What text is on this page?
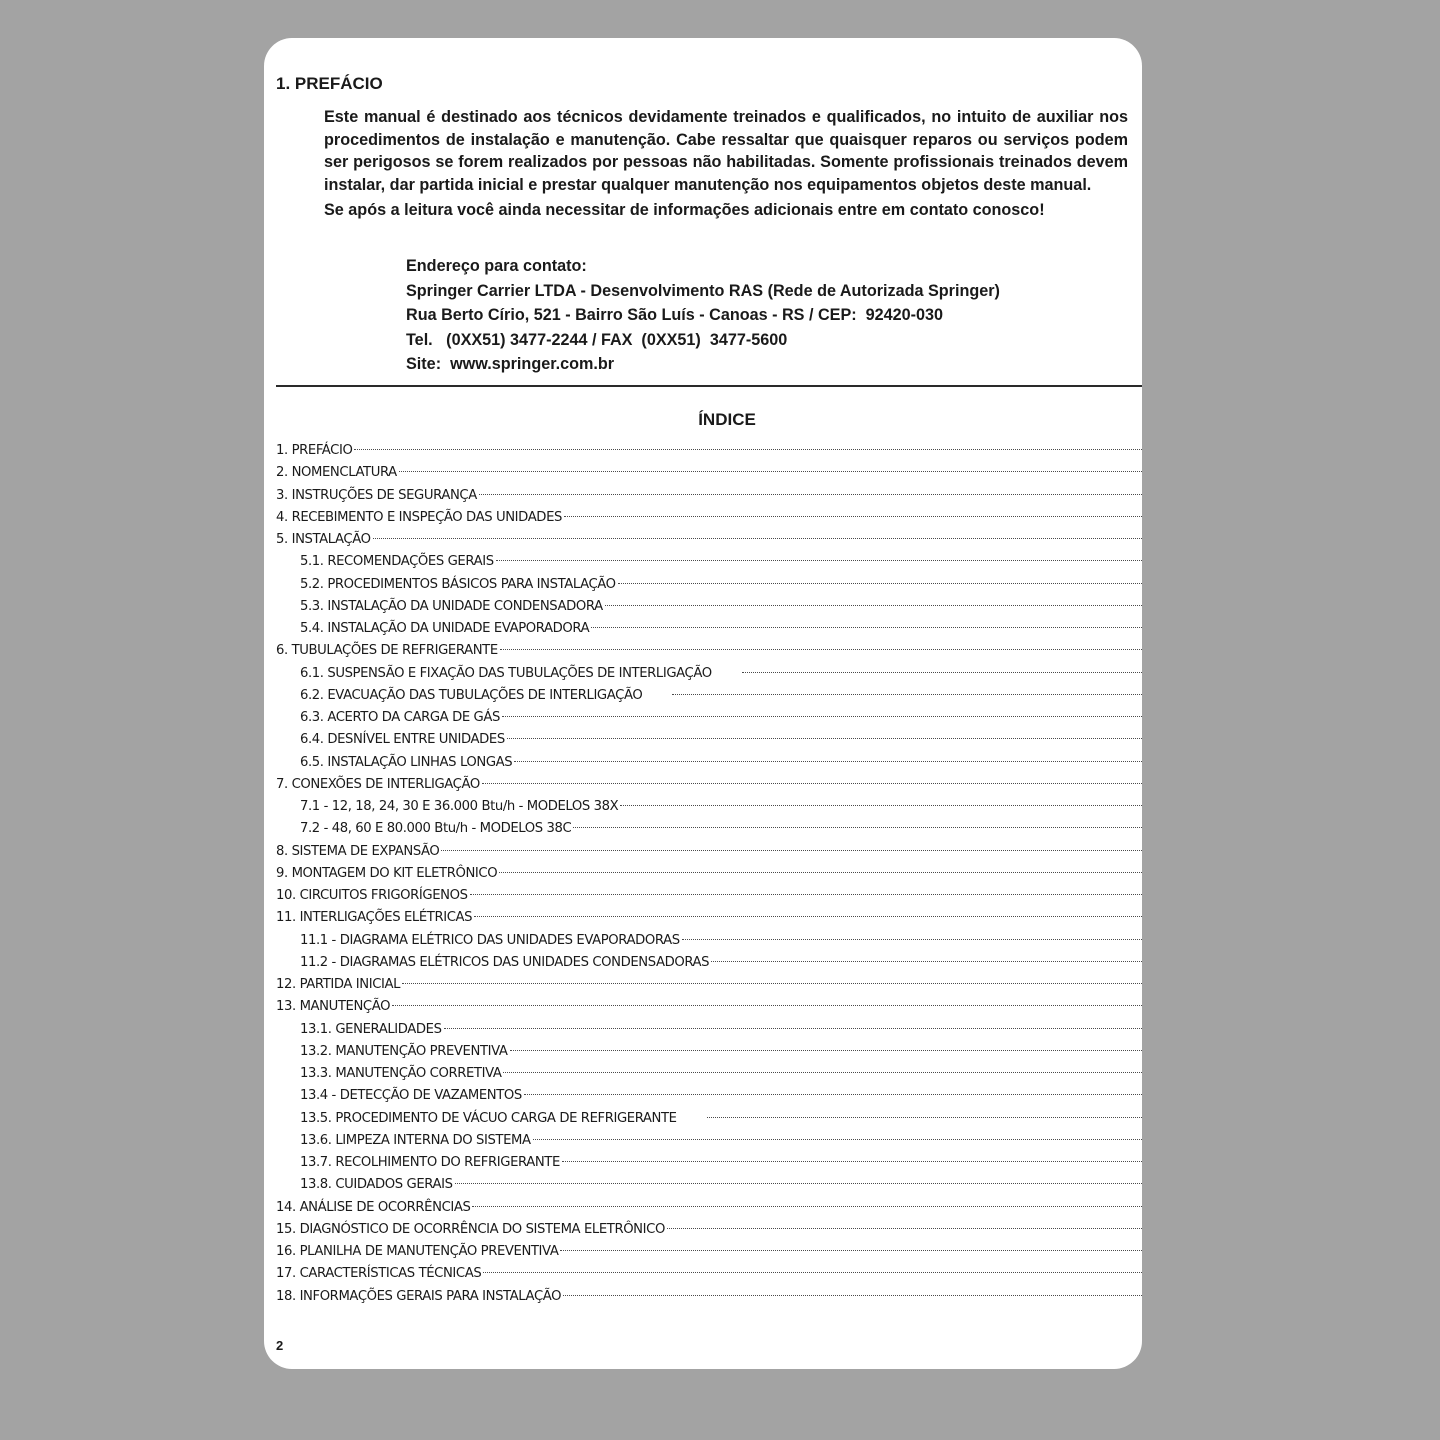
1. PREFÁCIO

Este manual é destinado aos técnicos devidamente treinados e qualificados, no intuito de auxiliar nos procedimentos de instalação e manutenção. Cabe ressaltar que quaisquer reparos ou serviços podem ser perigosos se forem realizados por pessoas não habilitadas. Somente profissionais treinados devem instalar, dar partida inicial e prestar qualquer manutenção nos equipamentos objetos deste manual.

Se após a leitura você ainda necessitar de informações adicionais entre em contato conosco!

Endereço para contato:
Springer Carrier LTDA - Desenvolvimento RAS (Rede de Autorizada Springer)
Rua Berto Círio, 521 - Bairro São Luís - Canoas - RS / CEP:  92420-030
Tel.   (0XX51) 3477-2244 / FAX  (0XX51)  3477-5600
Site:  www.springer.com.br
ÍNDICE
1. PREFÁCIO
2. NOMENCLATURA
3. INSTRUÇÕES DE SEGURANÇA
4. RECEBIMENTO E INSPEÇÃO DAS UNIDADES
5. INSTALAÇÃO
5.1. RECOMENDAÇÕES GERAIS
5.2. PROCEDIMENTOS BÁSICOS PARA INSTALAÇÃO
5.3. INSTALAÇÃO DA UNIDADE CONDENSADORA
5.4. INSTALAÇÃO DA UNIDADE EVAPORADORA
6. TUBULAÇÕES DE REFRIGERANTE
6.1. SUSPENSÃO E FIXAÇÃO DAS TUBULAÇÕES DE INTERLIGAÇÃO
6.2. EVACUAÇÃO DAS TUBULAÇÕES DE INTERLIGAÇÃO
6.3. ACERTO DA CARGA DE GÁS
6.4. DESNÍVEL ENTRE UNIDADES
6.5. INSTALAÇÃO LINHAS LONGAS
7. CONEXÕES DE INTERLIGAÇÃO
7.1 - 12, 18, 24, 30 E 36.000 Btu/h - MODELOS 38X
7.2 - 48, 60 E 80.000 Btu/h - MODELOS 38C
8. SISTEMA DE EXPANSÃO
9. MONTAGEM DO KIT ELETRÔNICO
10. CIRCUITOS FRIGORÍGENOS
11. INTERLIGAÇÕES ELÉTRICAS
11.1 - DIAGRAMA ELÉTRICO DAS UNIDADES EVAPORADORAS
11.2 - DIAGRAMAS ELÉTRICOS DAS UNIDADES CONDENSADORAS
12. PARTIDA INICIAL
13. MANUTENÇÃO
13.1. GENERALIDADES
13.2. MANUTENÇÃO PREVENTIVA
13.3. MANUTENÇÃO CORRETIVA
13.4 - DETECÇÃO DE VAZAMENTOS
13.5. PROCEDIMENTO DE VÁCUO CARGA DE REFRIGERANTE
13.6. LIMPEZA INTERNA DO SISTEMA
13.7. RECOLHIMENTO DO REFRIGERANTE
13.8. CUIDADOS GERAIS
14. ANÁLISE DE OCORRÊNCIAS
15. DIAGNÓSTICO DE OCORRÊNCIA DO SISTEMA ELETRÔNICO
16. PLANILHA DE MANUTENÇÃO PREVENTIVA
17. CARACTERÍSTICAS TÉCNICAS
18. INFORMAÇÕES GERAIS PARA INSTALAÇÃO
2
